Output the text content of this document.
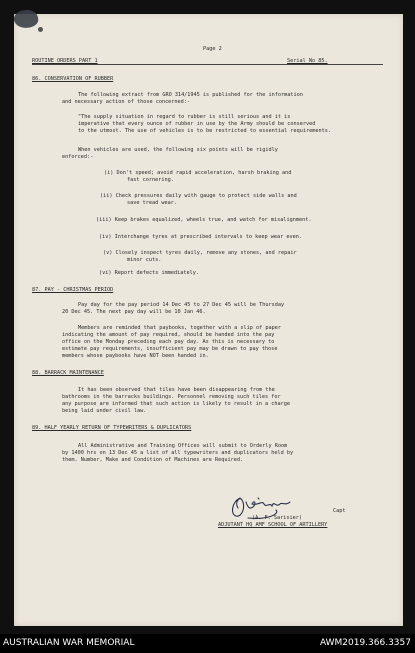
Page 2
ROUTINE ORDERS PART 1	Serial No 85.
86. CONSERVATION OF RUBBER
The following extract from GRO 314/1945 is published for the information
and necessary action of those concerned:-
"The supply situation in regard to rubber is still serious and it is
imperative that every ounce of rubber in use by the Army should be conserved
to the utmost. The use of vehicles is to be restricted to essential requirements.
When vehicles are used, the following six points will be rigidly
enforced:-
(i) Don't speed; avoid rapid acceleration, harsh braking and
fast cornering.
(ii) Check pressures daily with gauge to protect side walls and
save tread wear.
(iii) Keep brakes equalized, wheels true, and watch for misalignment.
(iv) Interchange tyres at prescribed intervals to keep wear even.
(v) Closely inspect tyres daily, remove any stones, and repair
minor cuts.
(vi) Report defects immediately.
87. PAY - CHRISTMAS PERIOD
Pay day for the pay period 14 Dec 45 to 27 Dec 45 will be Thursday
20 Dec 45. The next pay day will be 10 Jan 46.
Members are reminded that paybooks, together with a slip of paper
indicating the amount of pay required, should be handed into the pay
office on the Monday preceding each pay day. As this is necessary to
estimate pay requirements, insufficient pay may be drawn to pay those
members whose paybooks have NOT been handed in.
88. BARRACK MAINTENANCE
It has been observed that tiles have been disappearing from the
bathrooms in the barracks buildings. Personnel removing such tiles for
any purpose are informed that such action is likely to result in a charge
being laid under civil law.
89. HALF YEARLY RETURN OF TYPEWRITERS & DUPLICATORS
All Administrative and Training Offices will submit to Orderly Room
by 1400 hrs on 13 Dec 45 a list of all typewriters and duplicators held by
them. Number, Make and Condition of Machines are Required.
Capt
(A. F. Sarisier)
ADJUTANT HQ AMF SCHOOL OF ARTILLERY
AUSTRALIAN WAR MEMORIAL	AWM2019.366.3357
